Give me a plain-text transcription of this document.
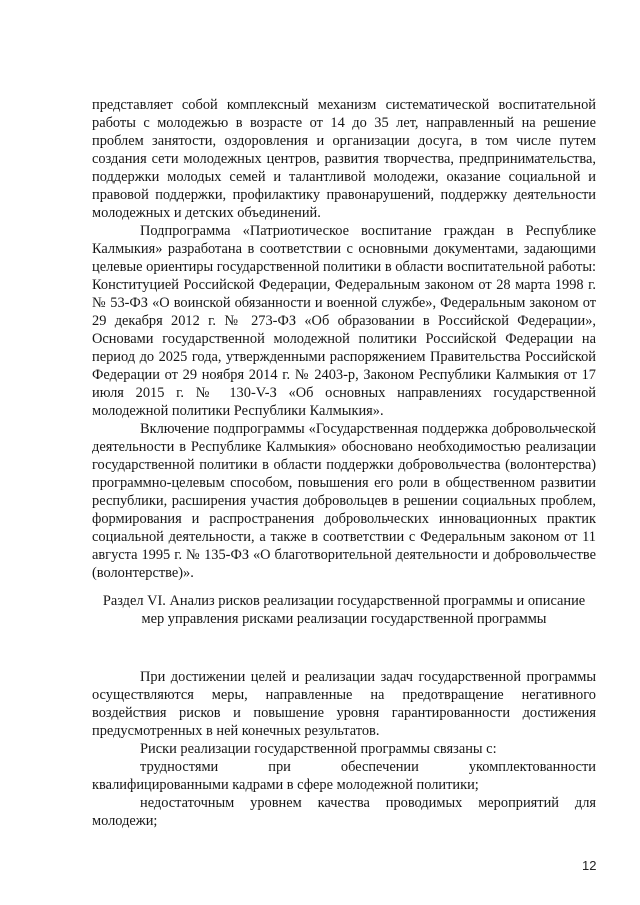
представляет собой комплексный механизм систематической воспитательной работы с молодежью в возрасте от 14 до 35 лет, направленный на решение проблем занятости, оздоровления и организации досуга, в том числе путем создания сети молодежных центров, развития творчества, предпринимательства, поддержки молодых семей и талантливой молодежи, оказание социальной и правовой поддержки, профилактику правонарушений, поддержку деятельности молодежных и детских объединений.

Подпрограмма «Патриотическое воспитание граждан в Республике Калмыкия» разработана в соответствии с основными документами, задающими целевые ориентиры государственной политики в области воспитательной работы: Конституцией Российской Федерации, Федеральным законом от 28 марта 1998 г. № 53-ФЗ «О воинской обязанности и военной службе», Федеральным законом от 29 декабря 2012 г. № 273-ФЗ «Об образовании в Российской Федерации», Основами государственной молодежной политики Российской Федерации на период до 2025 года, утвержденными распоряжением Правительства Российской Федерации от 29 ноября 2014 г. № 2403-р, Законом Республики Калмыкия от 17 июля 2015 г. № 130-V-З «Об основных направлениях государственной молодежной политики Республики Калмыкия».

Включение подпрограммы «Государственная поддержка добровольческой деятельности в Республике Калмыкия» обосновано необходимостью реализации государственной политики в области поддержки добровольчества (волонтерства) программно-целевым способом, повышения его роли в общественном развитии республики, расширения участия добровольцев в решении социальных проблем, формирования и распространения добровольческих инновационных практик социальной деятельности, а также в соответствии с Федеральным законом от 11 августа 1995 г. № 135-ФЗ «О благотворительной деятельности и добровольчестве (волонтерстве)».

Раздел VI. Анализ рисков реализации государственной программы и описание мер управления рисками реализации государственной программы

При достижении целей и реализации задач государственной программы осуществляются меры, направленные на предотвращение негативного воздействия рисков и повышение уровня гарантированности достижения предусмотренных в ней конечных результатов.

Риски реализации государственной программы связаны с:

трудностями при обеспечении укомплектованности квалифицированными кадрами в сфере молодежной политики;

недостаточным уровнем качества проводимых мероприятий для молодежи;

12
